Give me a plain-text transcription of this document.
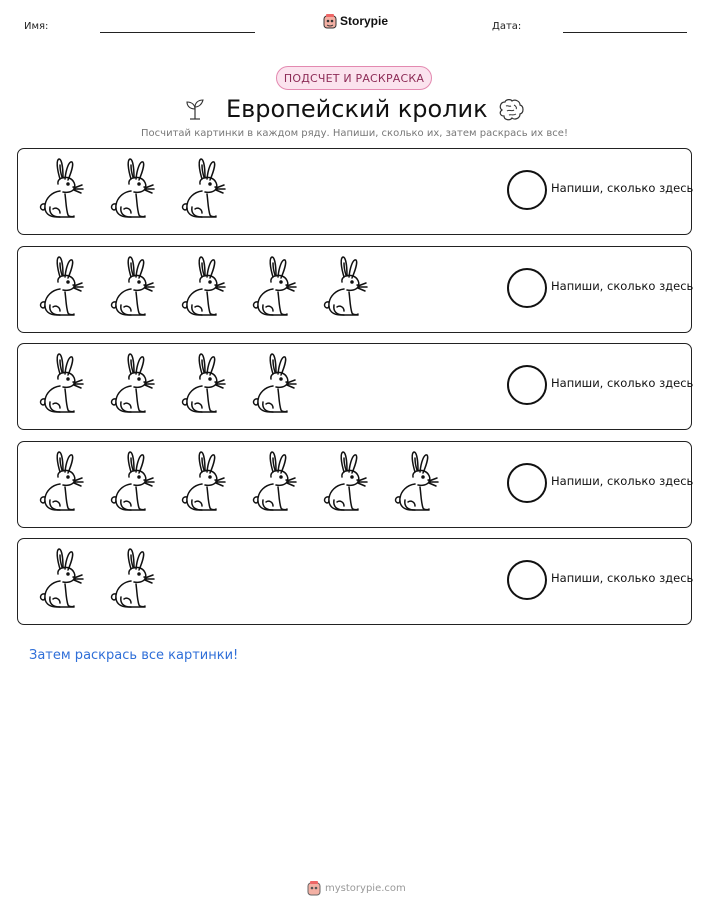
Имя:	Storypie	Дата:
ПОДСЧЕТ И РАСКРАСКА
Европейский кролик
Посчитай картинки в каждом ряду. Напиши, сколько их, затем раскрась их все!
Напиши, сколько здесь
Напиши, сколько здесь
Напиши, сколько здесь
Напиши, сколько здесь
Напиши, сколько здесь
Затем раскрась все картинки!
mystorypie.com
